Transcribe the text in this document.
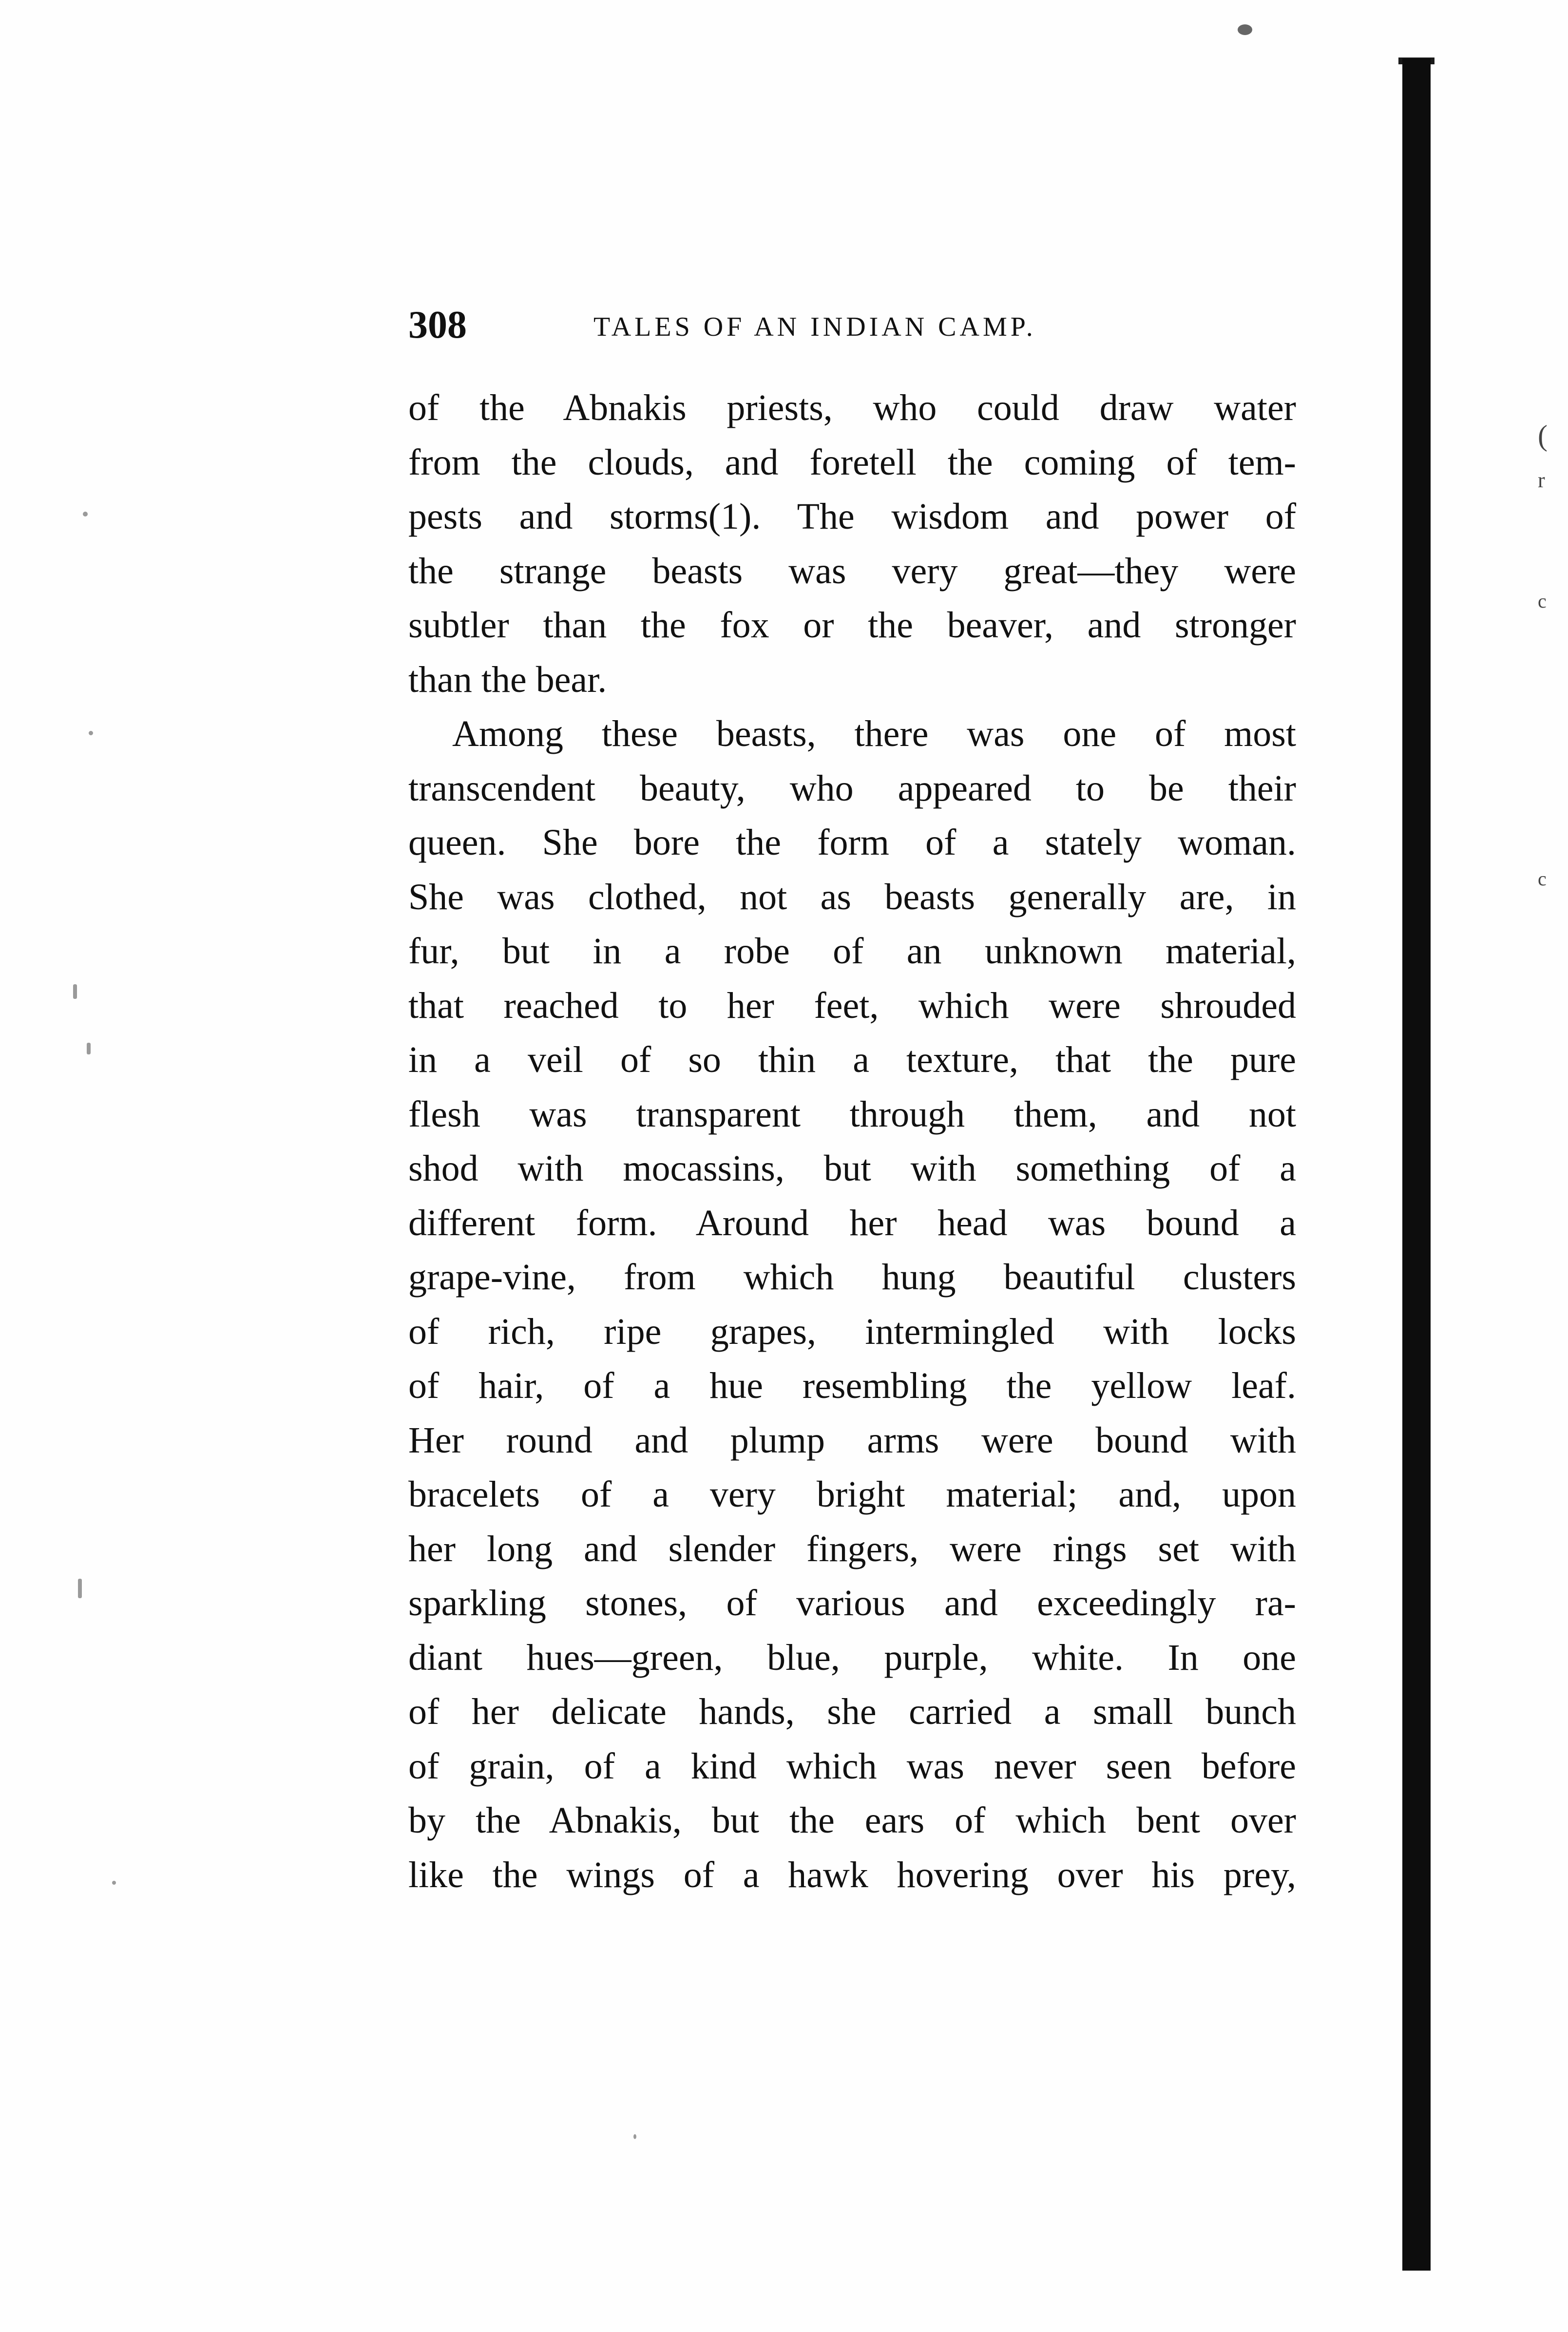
(
r
c
c
308	TALES OF AN INDIAN CAMP.
of the Abnakis priests, who could draw water
from the clouds, and foretell the coming of tem-
pests and storms(1). The wisdom and power of
the strange beasts was very great—they were
subtler than the fox or the beaver, and stronger
than the bear.
Among these beasts, there was one of most
transcendent beauty, who appeared to be their
queen. She bore the form of a stately woman.
She was clothed, not as beasts generally are, in
fur, but in a robe of an unknown material,
that reached to her feet, which were shrouded
in a veil of so thin a texture, that the pure
flesh was transparent through them, and not
shod with mocassins, but with something of a
different form. Around her head was bound a
grape-vine, from which hung beautiful clusters
of rich, ripe grapes, intermingled with locks
of hair, of a hue resembling the yellow leaf.
Her round and plump arms were bound with
bracelets of a very bright material; and, upon
her long and slender fingers, were rings set with
sparkling stones, of various and exceedingly ra-
diant hues—green, blue, purple, white. In one
of her delicate hands, she carried a small bunch
of grain, of a kind which was never seen before
by the Abnakis, but the ears of which bent over
like the wings of a hawk hovering over his prey,
